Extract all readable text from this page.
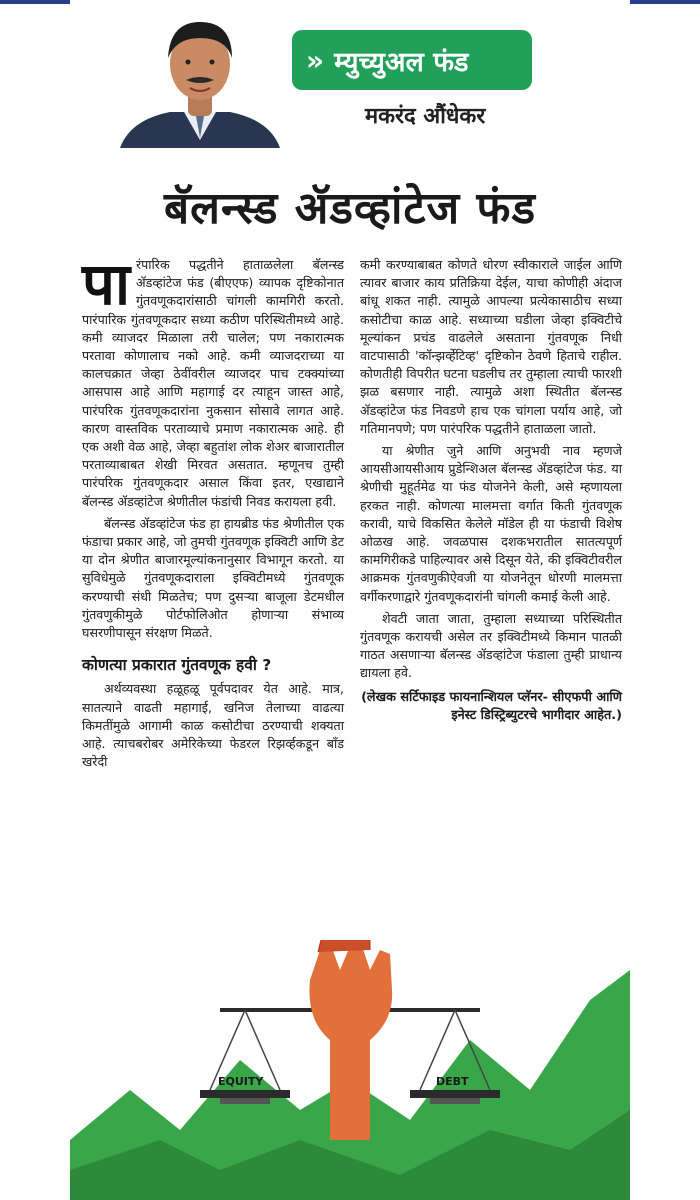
» म्युच्युअल फंड
मकरंद औंधेकर
बॅलन्स्ड ॲडव्हांटेज फंड

पारंपारिक पद्धतीने हाताळलेला बॅलन्स्ड ॲडव्हांटेज फंड (बीएएफ) व्यापक दृष्टिकोनात गुंतवणूकदारांसाठी चांगली कामगिरी करतो. पारंपारिक गुंतवणूकदार सध्या कठीण परिस्थितीमध्ये आहे. कमी व्याजदर मिळाला तरी चालेल; पण नकारात्मक परतावा कोणालाच नको आहे. कमी व्याजदराच्या या कालचक्रात जेव्हा ठेवींवरील व्याजदर पाच टक्क्यांच्या आसपास आहे आणि महागाई दर त्याहून जास्त आहे, पारंपरिक गुंतवणूकदारांना नुकसान सोसावे लागत आहे. कारण वास्तविक परताव्याचे प्रमाण नकारात्मक आहे. ही एक अशी वेळ आहे, जेव्हा बहुतांश लोक शेअर बाजारातील परताव्याबाबत शेखी मिरवत असतात. म्हणूनच तुम्ही पारंपरिक गुंतवणूकदार असाल किंवा इतर, एखाद्याने बॅलन्स्ड ॲडव्हांटेज श्रेणीतील फंडांची निवड करायला हवी.

बॅलन्स्ड ॲडव्हांटेज फंड हा हायब्रीड फंड श्रेणीतील एक फंडाचा प्रकार आहे, जो तुमची गुंतवणूक इक्विटी आणि डेट या दोन श्रेणीत बाजारमूल्यांकनानुसार विभागून करतो. या सुविधेमुळे गुंतवणूकदाराला इक्विटीमध्ये गुंतवणूक करण्याची संधी मिळतेच; पण दुसऱ्या बाजूला डेटमधील गुंतवणुकीमुळे पोर्टफोलिओत होणाऱ्या संभाव्य घसरणीपासून संरक्षण मिळते.

कोणत्या प्रकारात गुंतवणूक हवी ?

अर्थव्यवस्था हळूहळू पूर्वपदावर येत आहे. मात्र, सातत्याने वाढती महागाई, खनिज तेलाच्या वाढत्या किमतींमुळे आगामी काळ कसोटीचा ठरण्याची शक्यता आहे. त्याचबरोबर अमेरिकेच्या फेडरल रिझर्व्हकडून बाँड खरेदी

कमी करण्याबाबत कोणते धोरण स्वीकाराले जाईल आणि त्यावर बाजार काय प्रतिक्रिया देईल, याचा कोणीही अंदाज बांधू शकत नाही. त्यामुळे आपल्या प्रत्येकासाठीच सध्या कसोटीचा काळ आहे. सध्याच्या घडीला जेव्हा इक्विटीचे मूल्यांकन प्रचंड वाढलेले असताना गुंतवणूक निधी वाटपासाठी 'कॉन्झर्व्हेटिव्ह' दृष्टिकोन ठेवणे हिताचे राहील. कोणतीही विपरीत घटना घडलीच तर तुम्हाला त्याची फारशी झळ बसणार नाही. त्यामुळे अशा स्थितीत बॅलन्स्ड ॲडव्हांटेज फंड निवडणे हाच एक चांगला पर्याय आहे, जो गतिमानपणे; पण पारंपरिक पद्धतीने हाताळला जातो.

या श्रेणीत जुने आणि अनुभवी नाव म्हणजे आयसीआयसीआय प्रुडेन्शिअल बॅलन्स्ड ॲडव्हांटेज फंड. या श्रेणीची मुहूर्तमेढ या फंड योजनेने केली, असे म्हणायला हरकत नाही. कोणत्या मालमत्ता वर्गात किती गुंतवणूक करावी, याचे विकसित केलेले मॉडेल ही या फंडाची विशेष ओळख आहे. जवळपास दशकभरातील सातत्यपूर्ण कामगिरीकडे पाहिल्यावर असे दिसून येते, की इक्विटीवरील आक्रमक गुंतवणुकीऐवजी या योजनेतून धोरणी मालमत्ता वर्गीकरणाद्वारे गुंतवणूकदारांनी चांगली कमाई केली आहे.

शेवटी जाता जाता, तुम्हाला सध्याच्या परिस्थितीत गुंतवणूक करायची असेल तर इक्विटीमध्ये किमान पातळी गाठत असणाऱ्या बॅलन्स्ड ॲडव्हांटेज फंडाला तुम्ही प्राधान्य द्यायला हवे.

(लेखक सर्टिफाइड फायनान्शियल प्लॅनर- सीएफपी आणि इनेस्ट डिस्ट्रिब्युटरचे भागीदार आहेत.)
EQUITY	DEBT
